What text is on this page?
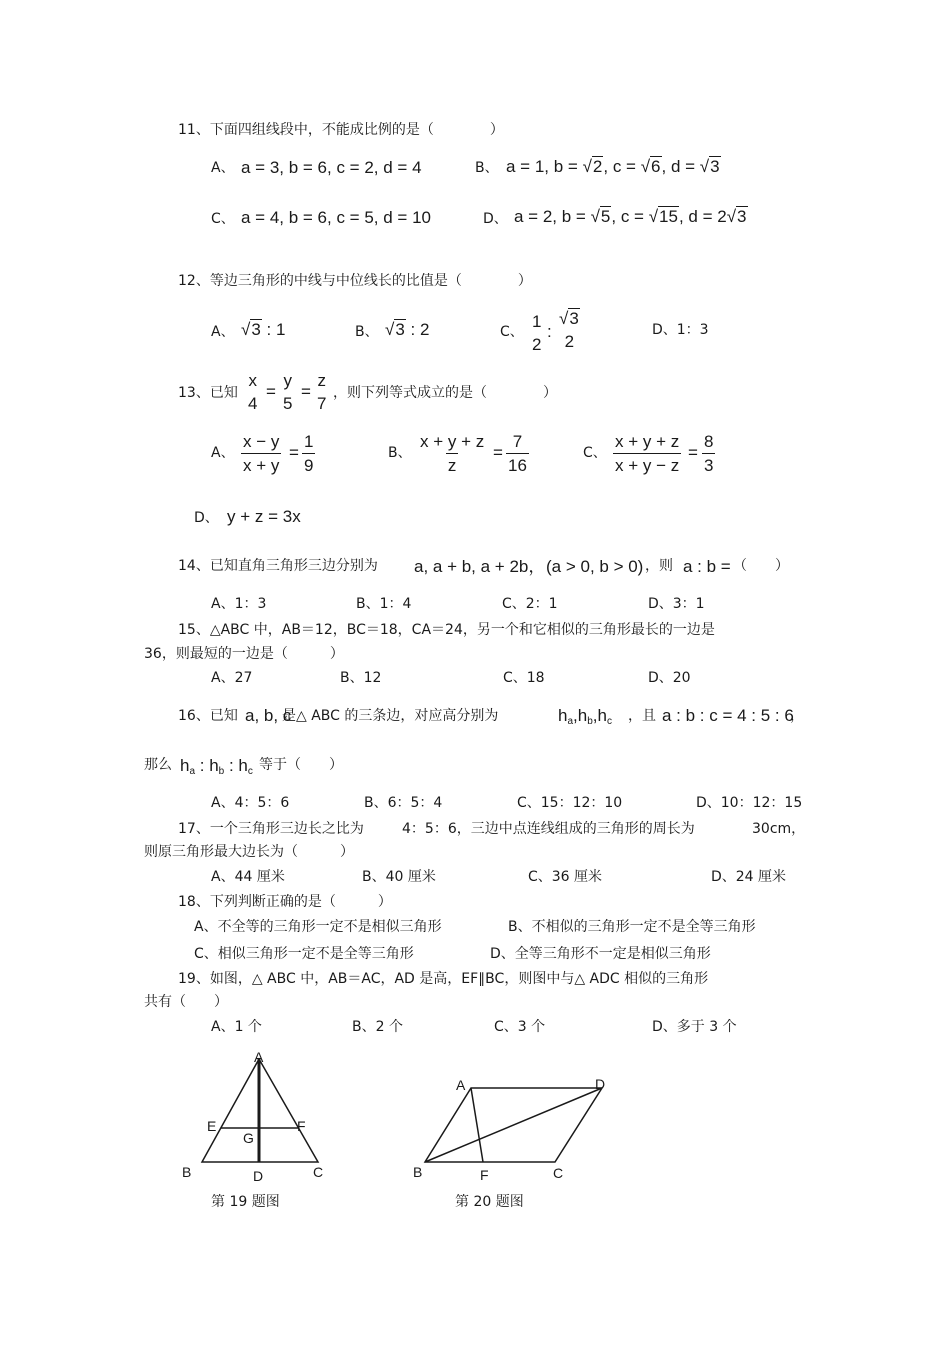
11、下面四组线段中，不能成比例的是（　　　　）
A、 a = 3, b = 6, c = 2, d = 4	B、 a = 1, b = √2, c = √6, d = √3
C、 a = 4, b = 6, c = 5, d = 10	D、 a = 2, b = √5, c = √15, d = 2√3
12、等边三角形的中线与中位线长的比值是（　　　　）
A、 √3 : 1	B、 √3 : 2	C、
1
2
:
√3
2
D、1：3
13、已知
x
4
=
y
5
=
z
7
，则下列等式成立的是（　　　　）
A、 $\frac{x - y}{x + y} = \frac{1}{9}$	B、 $\frac{x + y + z}{z} = \frac{7}{16}$	C、 $\frac{x + y + z}{x + y - z} = \frac{8}{3}$
D、 y + z = 3x
14、已知直角三角形三边分别为 a, a + b, a + 2b， (a > 0, b > 0) ，则 a : b = （　　）
A、1：3	B、1：4	C、2：1	D、3：1
15、△ABC 中，AB＝12，BC＝18，CA＝24，另一个和它相似的三角形最长的一边是
36，则最短的一边是（　　　）
A、27	B、12	C、18	D、20
16、已知 a, b, c
是△ ABC 的三条边，对应高分别为	$h_a,h_b,h_c$ ，且 a : b : c = 4 : 5 : 6
，
那么 $h_a$ : $h_b$ : $h_c$ 等于（　　）
A、4：5：6	B、6：5：4	C、15：12：10	D、10：12：15
17、一个三角形三边长之比为	4：5：6，三边中点连线组成的三角形的周长为	30cm，
则原三角形最大边长为（　　　）
A、44 厘米	B、40 厘米	C、36 厘米	D、24 厘米
18、下列判断正确的是（　　　）
A、不全等的三角形一定不是相似三角形	B、不相似的三角形一定不是全等三角形
C、相似三角形一定不是全等三角形	D、全等三角形不一定是相似三角形
19、如图，△ ABC 中，AB＝AC，AD 是高，EF∥BC，则图中与△ ADC 相似的三角形
共有（　　）
A、1 个	B、2 个	C、3 个	D、多于 3 个
A
B	C
D
E	F
G
第 19 题图
A	D
B	F	C
第 20 题图
